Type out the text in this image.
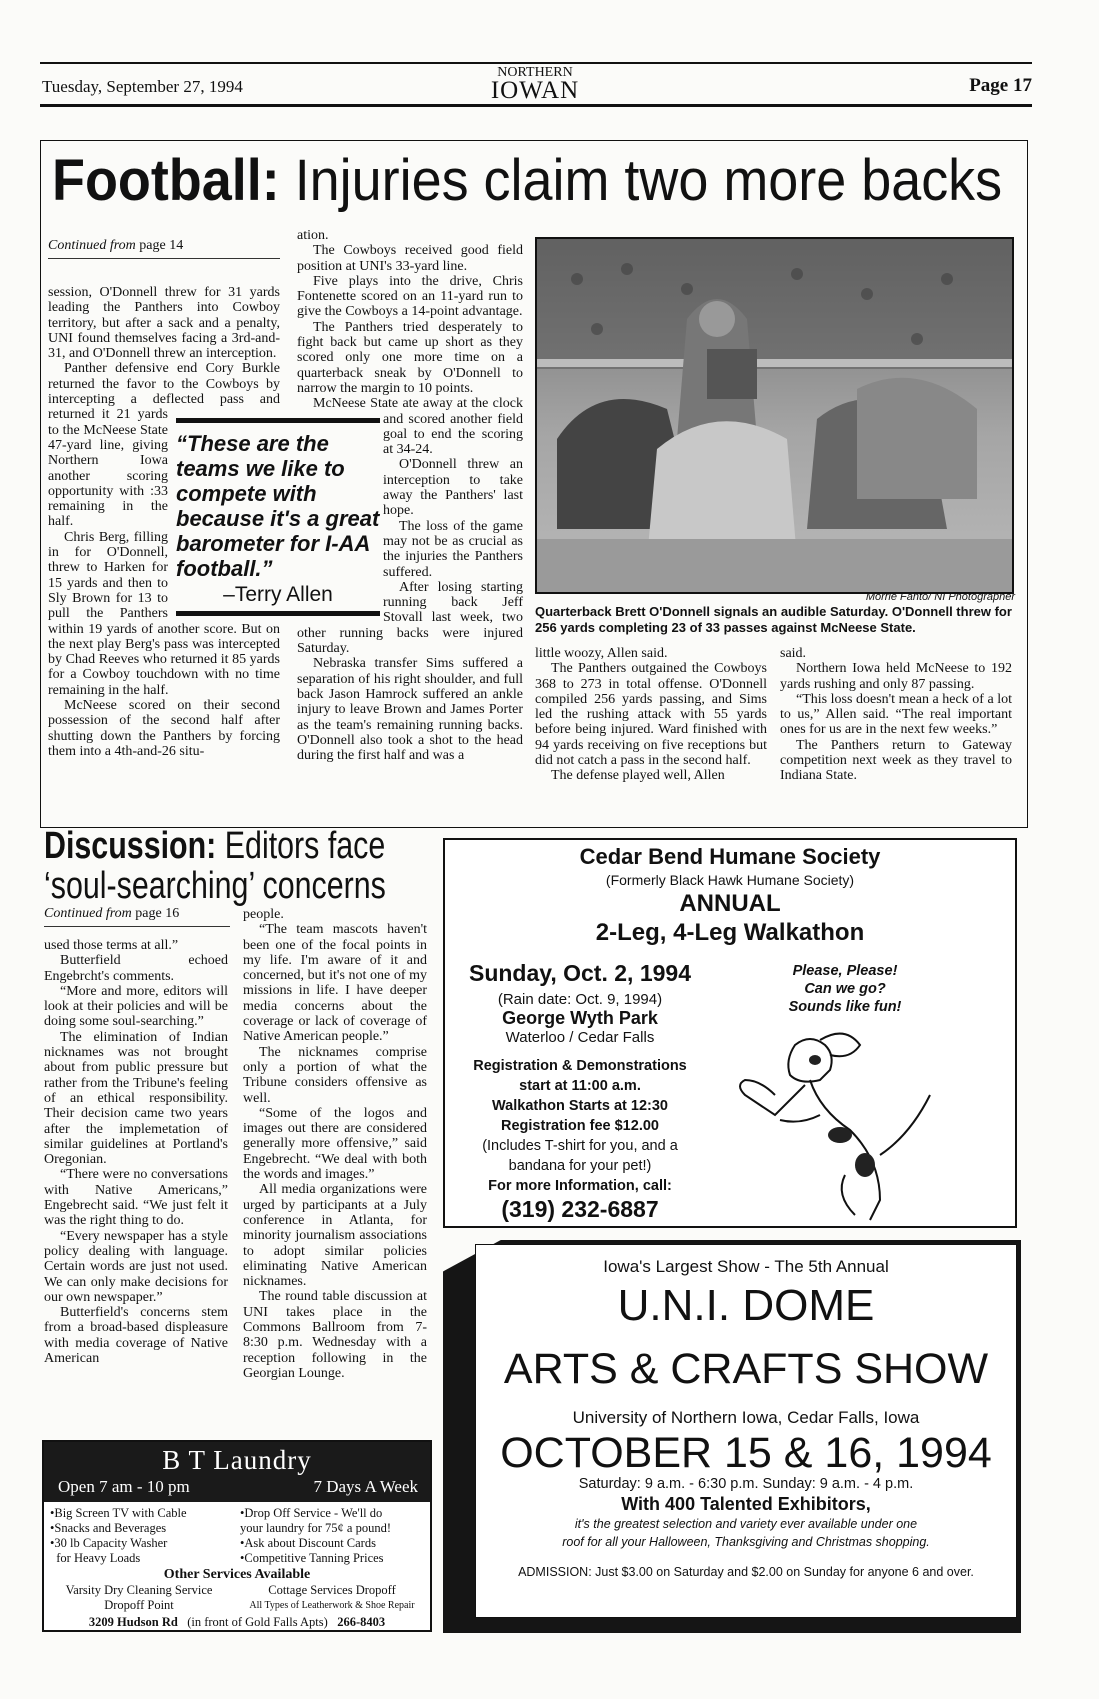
Tuesday, September 27, 1994
NORTHERN
IOWAN	Page 17
Football: Injuries claim two more backs
Continued from page 14

session, O'Donnell threw for 31 yards leading the Panthers into Cowboy territory, but after a sack and a penalty, UNI found themselves facing a 3rd-and-31, and O'Donnell threw an interception.

Panther defensive end Cory Burkle returned the favor to the Cowboys by intercepting a deflected pass and returned it 21 yards to the McNeese State 47-yard line, giving Northern Iowa another scoring opportunity with :33 remaining in the half.

Chris Berg, filling in for O'Donnell, threw to Harken for 15 yards and then to Sly Brown for 13 to pull the Panthers within 19 yards of another score. But on the next play Berg's pass was intercepted by Chad Reeves who returned it 85 yards for a Cowboy touchdown with no time remaining in the half.

McNeese scored on their second possession of the second half after shutting down the Panthers by forcing them into a 4th-and-26 situ-

ation.

The Cowboys received good field position at UNI's 33-yard line.

Five plays into the drive, Chris Fontenette scored on an 11-yard run to give the Cowboys a 14-point advantage.

The Panthers tried desperately to fight back but came up short as they scored only one more time on a quarterback sneak by O'Donnell to narrow the margin to 10 points.

McNeese State ate away at the clock and scored another field goal to end the scoring at 34-24.

O'Donnell threw an interception to take away the Panthers' last hope.

The loss of the game may not be as crucial as the injuries the Panthers suffered.

After losing starting running back Jeff Stovall last week, two other running backs were injured Saturday.

Nebraska transfer Sims suffered a separation of his right shoulder, and full back Jason Hamrock suffered an ankle injury to leave Brown and James Porter as the team's remaining running backs. O'Donnell also took a shot to the head during the first half and was a

“These are the teams we like to compete with because it's a great barometer for I-AA football.”
–Terry Allen	Morrie Fanto/ NI Photographer
Quarterback Brett O'Donnell signals an audible Saturday. O'Donnell threw for 256 yards completing 23 of 33 passes against McNeese State.

little woozy, Allen said.

The Panthers outgained the Cowboys 368 to 273 in total offense. O'Donnell compiled 256 yards passing, and Sims led the rushing attack with 55 yards before being injured. Ward finished with 94 yards receiving on five receptions but did not catch a pass in the second half.

The defense played well, Allen

said.

Northern Iowa held McNeese to 192 yards rushing and only 87 passing.

“This loss doesn't mean a heck of a lot to us,” Allen said. “The real important ones for us are in the next few weeks.”

The Panthers return to Gateway competition next week as they travel to Indiana State.

Discussion: Editors face
‘soul-searching’ concerns
Continued from page 16

used those terms at all.”

Butterfield echoed Engebrcht's comments.

“More and more, editors will look at their policies and will be doing some soul-searching.”

The elimination of Indian nicknames was not brought about from public pressure but rather from the Tribune's feeling of an ethical responsibility. Their decision came two years after the implemetation of similar guidelines at Portland's Oregonian.

“There were no conversations with Native Americans,” Engebrecht said. “We just felt it was the right thing to do.

“Every newspaper has a style policy dealing with language. Certain words are just not used. We can only make decisions for our own newspaper.”

Butterfield's concerns stem from a broad-based displeasure with media coverage of Native American

people.

“The team mascots haven't been one of the focal points in my life. I'm aware of it and concerned, but it's not one of my missions in life. I have deeper media concerns about the coverage or lack of coverage of Native American people.”

The nicknames comprise only a portion of what the Tribune considers offensive as well.

“Some of the logos and images out there are considered generally more offensive,” said Engebrecht. “We deal with both the words and images.”

All media organizations were urged by participants at a July conference in Atlanta, for minority journalism associations to adopt similar policies eliminating Native American nicknames.

The round table discussion at UNI takes place in the Commons Ballroom from 7-8:30 p.m. Wednesday with a reception following in the Georgian Lounge.

B T Laundry
Open 7 am - 10 pm	7 Days A Week
•Big Screen TV with Cable
•Snacks and Beverages
•30 lb Capacity Washer
for Heavy Loads
•Drop Off Service - We'll do
your laundry for 75¢ a pound!
•Ask about Discount Cards
•Competitive Tanning Prices
Other Services Available
Varsity Dry Cleaning Service
Dropoff Point
Cottage Services Dropoff
All Types of Leatherwork & Shoe Repair
3209 Hudson Rd (in front of Gold Falls Apts) 266-8403
Cedar Bend Humane Society
(Formerly Black Hawk Humane Society)
ANNUAL
2-Leg, 4-Leg Walkathon
Sunday, Oct. 2, 1994
(Rain date: Oct. 9, 1994)
George Wyth Park
Waterloo / Cedar Falls
Registration & Demonstrations
start at 11:00 a.m.
Walkathon Starts at 12:30
Registration fee $12.00
(Includes T-shirt for you, and a
bandana for your pet!)
For more Information, call:
(319) 232-6887
Please, Please!
Can we go?
Sounds like fun!
Iowa's Largest Show - The 5th Annual
U.N.I. DOME
ARTS & CRAFTS SHOW
University of Northern Iowa, Cedar Falls, Iowa
OCTOBER 15 & 16, 1994
Saturday: 9 a.m. - 6:30 p.m. Sunday: 9 a.m. - 4 p.m.
With 400 Talented Exhibitors,
it's the greatest selection and variety ever available under one
roof for all your Halloween, Thanksgiving and Christmas shopping.
ADMISSION: Just $3.00 on Saturday and $2.00 on Sunday for anyone 6 and over.
